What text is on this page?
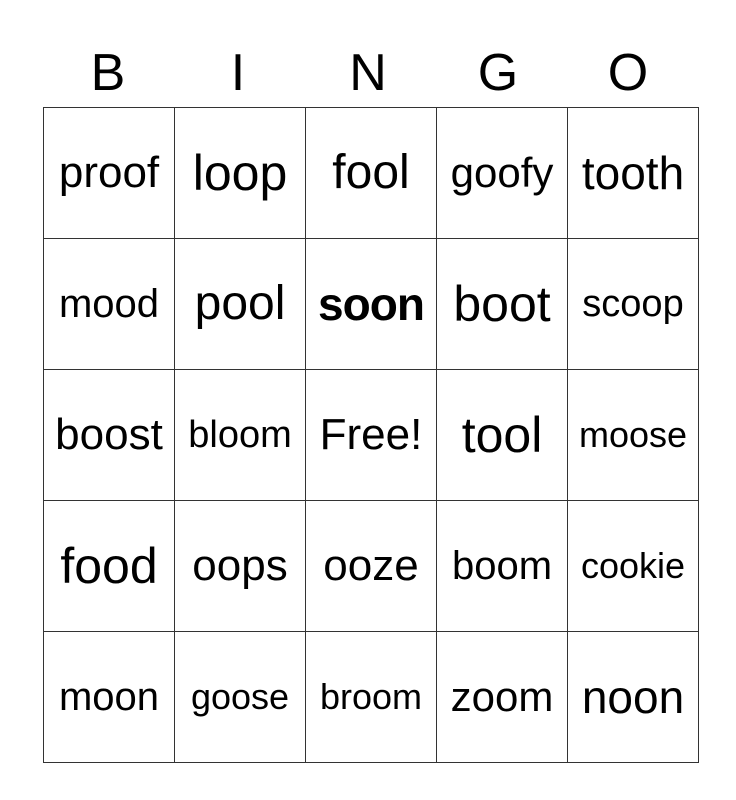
B	I	N	G	O
proof	loop	fool	goofy	tooth
mood	pool	soon	boot	scoop
boost	bloom	Free!	tool	moose
food	oops	ooze	boom	cookie
moon	goose	broom	zoom	noon
